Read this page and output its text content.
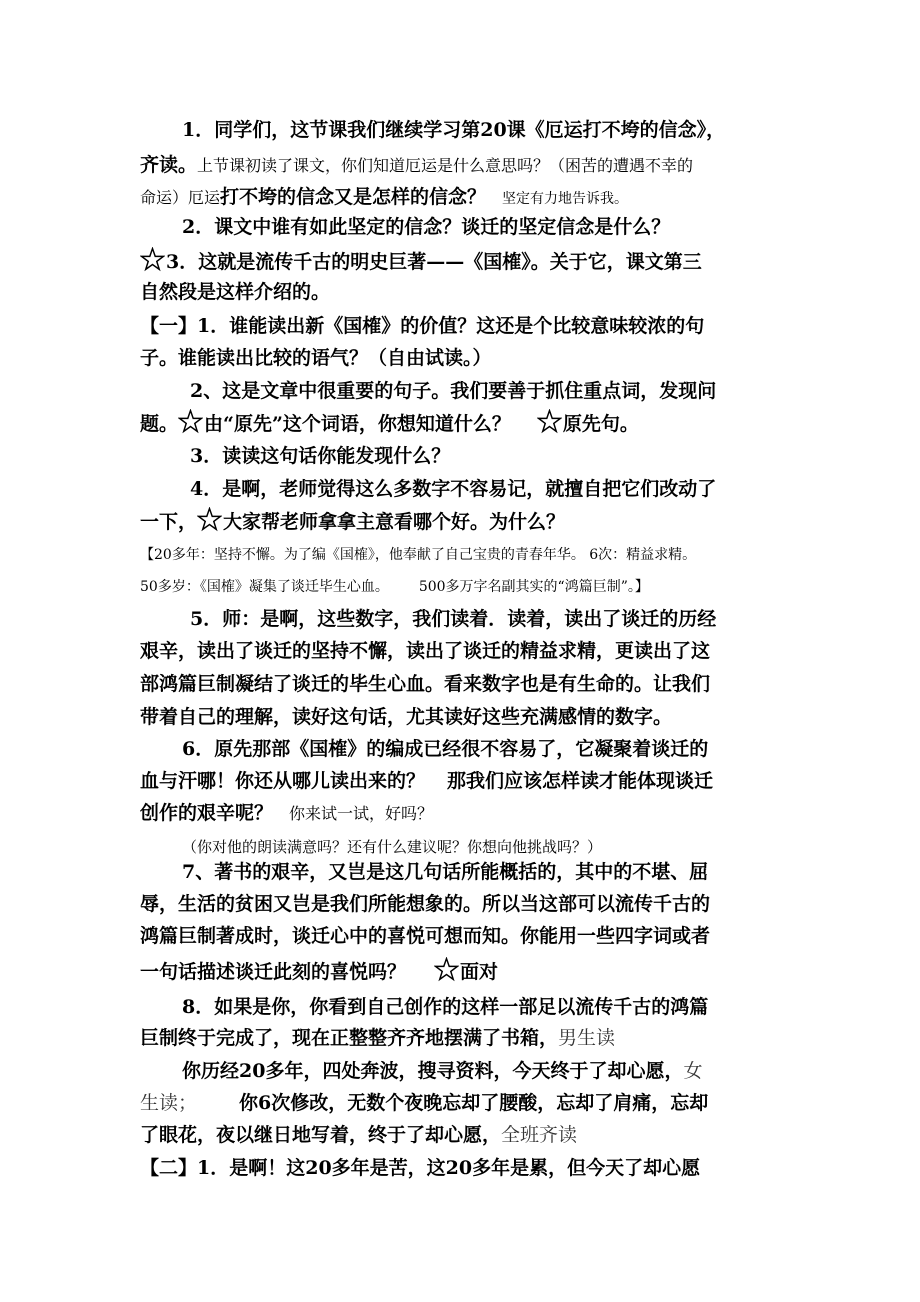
1．同学们，这节课我们继续学习第20课《厄运打不垮的信念》，
齐读。上节课初读了课文，你们知道厄运是什么意思吗？（困苦的遭遇不幸的
命运）厄运打不垮的信念又是怎样的信念？ 坚定有力地告诉我。
2．课文中谁有如此坚定的信念？谈迁的坚定信念是什么？
3．这就是流传千古的明史巨著——《国榷》。关于它，课文第三
自然段是这样介绍的。
【一】1．谁能读出新《国榷》的价值？这还是个比较意味较浓的句
子。谁能读出比较的语气？（自由试读。）
2、这是文章中很重要的句子。我们要善于抓住重点词，发现问
题。 由“原先”这个词语，你想知道什么？	原先句。
3．读读这句话你能发现什么？
4．是啊，老师觉得这么多数字不容易记，就擅自把它们改动了
一下， 大家帮老师拿拿主意看哪个好。为什么？
【20多年：坚持不懈。为了编《国榷》，他奉献了自己宝贵的青春年华。 6次：精益求精。
50多岁：《国榷》凝集了谈迁毕生心血。 500多万字名副其实的“鸿篇巨制”。】
5．师：是啊，这些数字，我们读着．读着，读出了谈迁的历经
艰辛，读出了谈迁的坚持不懈，读出了谈迁的精益求精，更读出了这
部鸿篇巨制凝结了谈迁的毕生心血。看来数字也是有生命的。让我们
带着自己的理解，读好这句话，尤其读好这些充满感情的数字。
6．原先那部《国榷》的编成已经很不容易了，它凝聚着谈迁的
血与汗哪！你还从哪儿读出来的？ 那我们应该怎样读才能体现谈迁
创作的艰辛呢？ 你来试一试，好吗？
（你对他的朗读满意吗？还有什么建议呢？你想向他挑战吗？）
7、著书的艰辛，又岂是这几句话所能概括的，其中的不堪、屈
辱，生活的贫困又岂是我们所能想象的。所以当这部可以流传千古的
鸿篇巨制著成时，谈迁心中的喜悦可想而知。你能用一些四字词或者
一句话描述谈迁此刻的喜悦吗？	面对
8．如果是你，你看到自己创作的这样一部足以流传千古的鸿篇
巨制终于完成了，现在正整整齐齐地摆满了书箱，男生读
你历经20多年，四处奔波，搜寻资料，今天终于了却心愿，女
生读； 你6次修改，无数个夜晚忘却了腰酸，忘却了肩痛，忘却
了眼花，夜以继日地写着，终于了却心愿，全班齐读
【二】1．是啊！这20多年是苦，这20多年是累，但今天了却心愿
